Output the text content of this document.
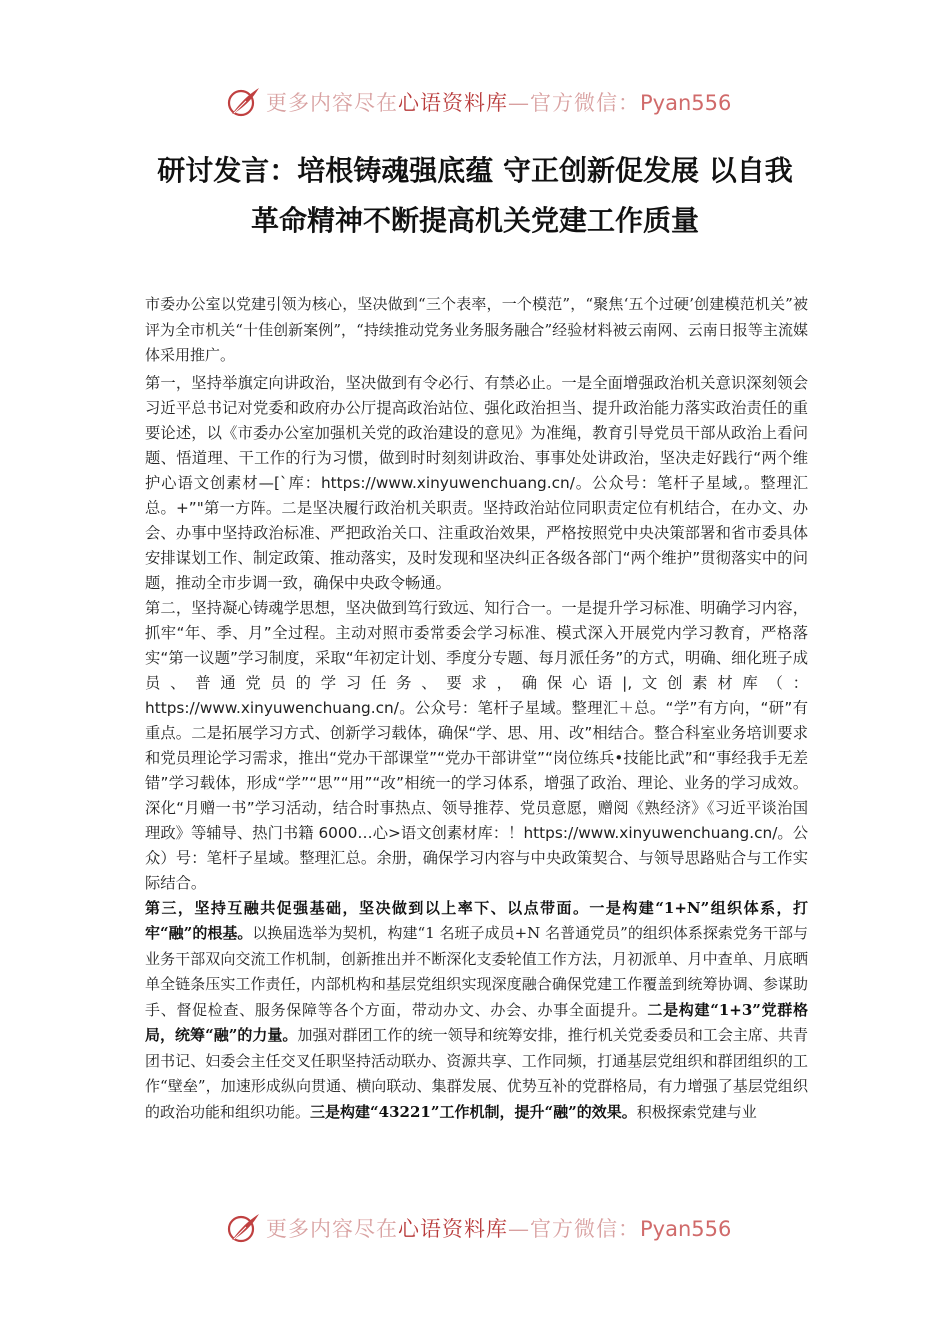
更多内容尽在心语资料库—官方微信：Pyan556
研讨发言：培根铸魂强底蕴 守正创新促发展 以自我
革命精神不断提高机关党建工作质量

市委办公室以党建引领为核心，坚决做到“三个表率，一个模范”，“聚焦‘五个过硬’创建模范机关”被评为全市机关“十佳创新案例”，“持续推动党务业务服务融合”经验材料被云南网、云南日报等主流媒体采用推广。

第一，坚持举旗定向讲政治，坚决做到有令必行、有禁必止。一是全面增强政治机关意识深刻领会习近平总书记对党委和政府办公厅提高政治站位、强化政治担当、提升政治能力落实政治责任的重要论述，以《市委办公室加强机关党的政治建设的意见》为准绳，教育引导党员干部从政治上看问题、悟道理、干工作的行为习惯，做到时时刻刻讲政治、事事处处讲政治，坚决走好践行“两个维护心语文创素材—[`库：https://www.xinyuwenchuang.cn/。公众号：笔杆子星域,。整理汇总。+”"第一方阵。二是坚决履行政治机关职责。坚持政治站位同职责定位有机结合，在办文、办会、办事中坚持政治标准、严把政治关口、注重政治效果，严格按照党中央决策部署和省市委具体安排谋划工作、制定政策、推动落实，及时发现和坚决纠正各级各部门“两个维护”贯彻落实中的问题，推动全市步调一致，确保中央政令畅通。

第二，坚持凝心铸魂学思想，坚决做到笃行致远、知行合一。一是提升学习标准、明确学习内容，抓牢“年、季、月”全过程。主动对照市委常委会学习标准、模式深入开展党内学习教育，严格落实“第一议题”学习制度，采取“年初定计划、季度分专题、每月派任务”的方式，明确、细化班子成员、普通党员的学习任务、要求，确保心语|,文创素材库（：https://www.xinyuwenchuang.cn/。公众号：笔杆子星域。整理汇＋总。“学”有方向，“研”有重点。二是拓展学习方式、创新学习载体，确保“学、思、用、改”相结合。整合科室业务培训要求和党员理论学习需求，推出“党办干部课堂”“党办干部讲堂”“岗位练兵•技能比武”和“事经我手无差错”学习载体，形成“学”“思”“用”“改”相统一的学习体系，增强了政治、理论、业务的学习成效。深化“月赠一书”学习活动，结合时事热点、领导推荐、党员意愿，赠阅《熟经济》《习近平谈治国理政》等辅导、热门书籍 6000…心>语文创素材库：！https://www.xinyuwenchuang.cn/。公众）号：笔杆子星域。整理汇总。余册，确保学习内容与中央政策契合、与领导思路贴合与工作实际结合。

第三，坚持互融共促强基础，坚决做到以上率下、以点带面。一是构建“1+N”组织体系，打牢“融”的根基。以换届选举为契机，构建“1 名班子成员+N 名普通党员”的组织体系探索党务干部与业务干部双向交流工作机制，创新推出并不断深化支委轮值工作方法，月初派单、月中查单、月底晒单全链条压实工作责任，内部机构和基层党组织实现深度融合确保党建工作覆盖到统筹协调、参谋助手、督促检查、服务保障等各个方面，带动办文、办会、办事全面提升。二是构建“1+3”党群格局，统筹“融”的力量。加强对群团工作的统一领导和统筹安排，推行机关党委委员和工会主席、共青团书记、妇委会主任交叉任职坚持活动联办、资源共享、工作同频，打通基层党组织和群团组织的工作“壁垒”，加速形成纵向贯通、横向联动、集群发展、优势互补的党群格局，有力增强了基层党组织的政治功能和组织功能。三是构建“43221”工作机制，提升“融”的效果。积极探索党建与业

更多内容尽在心语资料库—官方微信：Pyan556
